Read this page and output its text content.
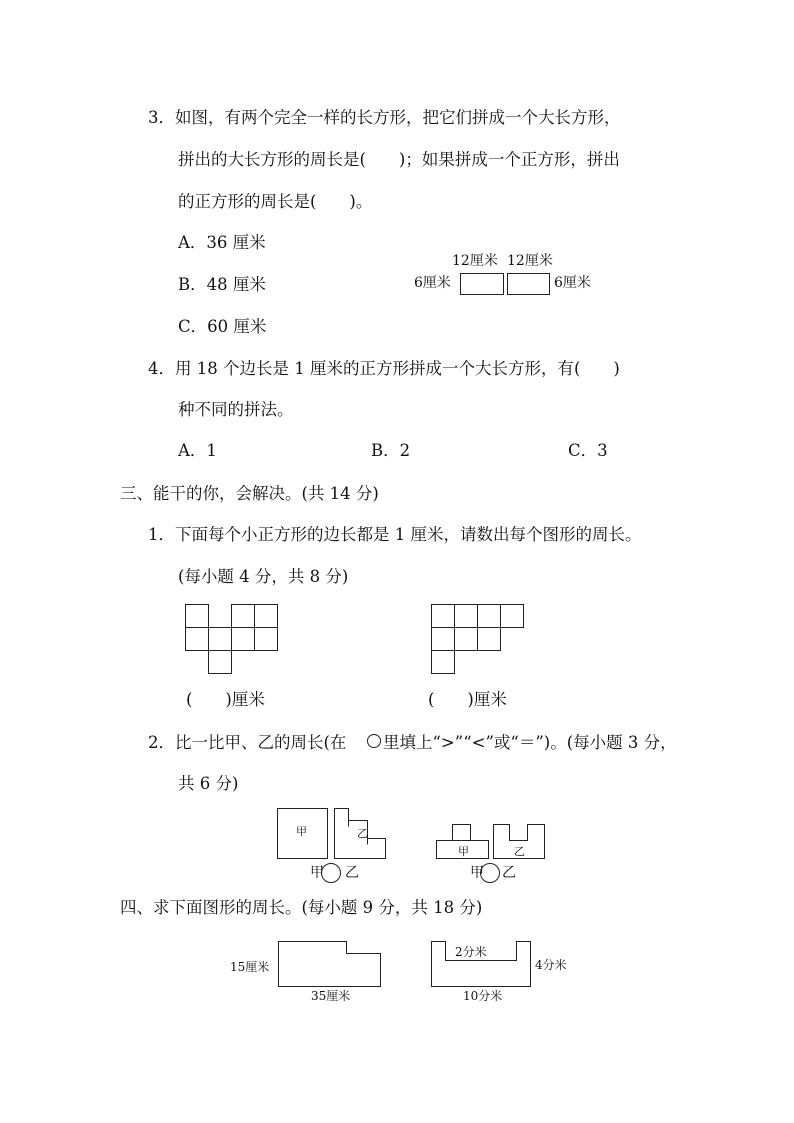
3．如图，有两个完全一样的长方形，把它们拼成一个大长方形，
拼出的大长方形的周长是(　　)；如果拼成一个正方形，拼出
的正方形的周长是(　　)。
A．36 厘米
B．48 厘米
C．60 厘米
12厘米 12厘米
6厘米	6厘米
4．用 18 个边长是 1 厘米的正方形拼成一个大长方形，有(　　)
种不同的拼法。
A．1	B．2	C．3
三、能干的你，会解决。(共 14 分)
1．下面每个小正方形的边长都是 1 厘米，请数出每个图形的周长。
(每小题 4 分，共 8 分)
(　　)厘米	(　　)厘米
2．比一比甲、乙的周长(在 里填上“>”“<”或“＝”)。(每小题 3 分，
共 6 分)
甲	乙
甲	乙
甲 乙	甲 乙
四、求下面图形的周长。(每小题 9 分，共 18 分)
15厘米
35厘米
2分米
4分米
10分米
